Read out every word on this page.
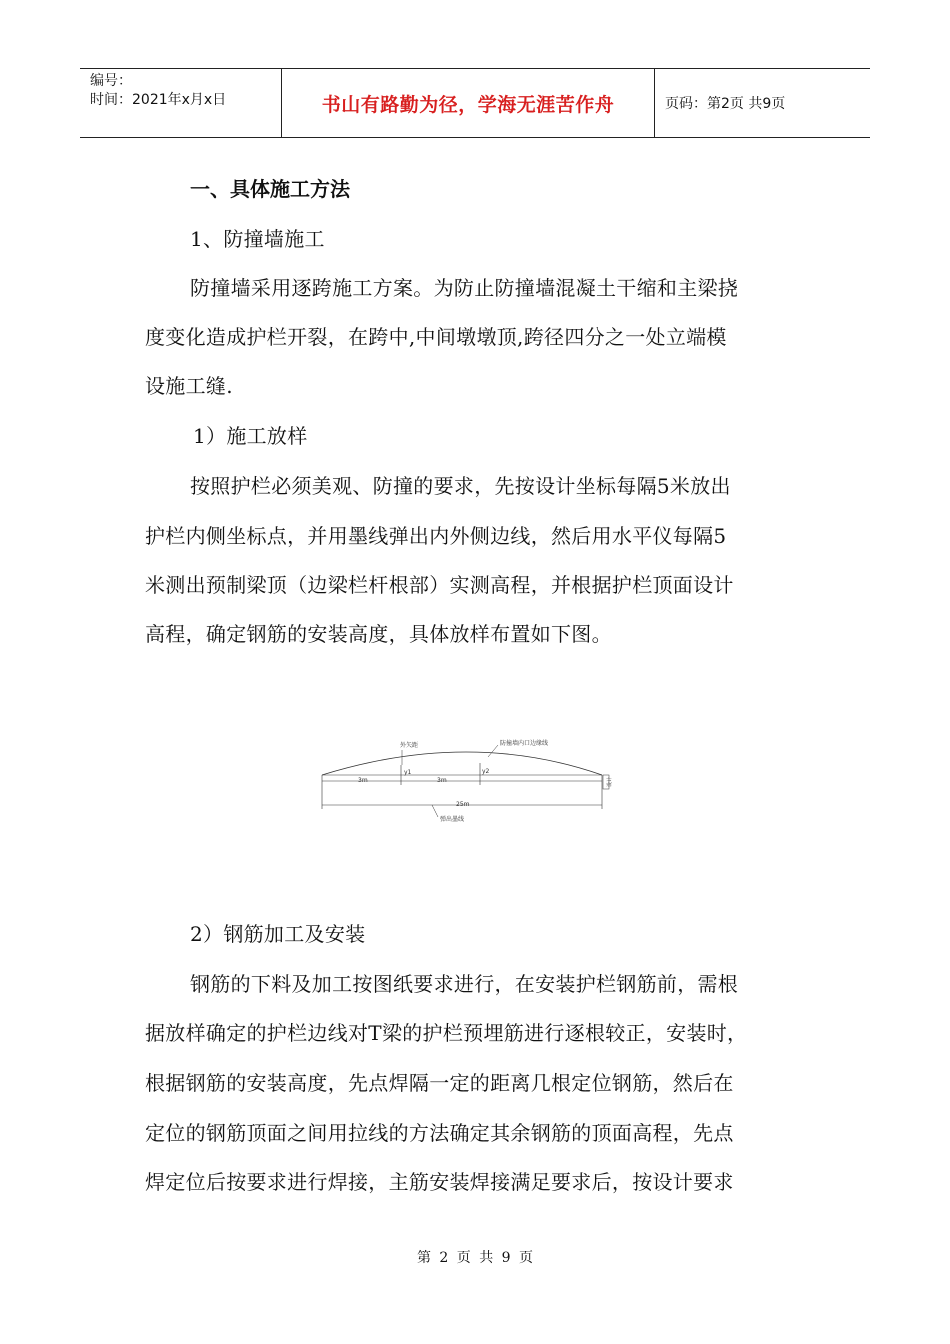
编号：
时间：2021年x月x日	书山有路勤为径，学海无涯苦作舟	页码：第2页 共9页
一、具体施工方法
1、防撞墙施工
防撞墙采用逐跨施工方案。为防止防撞墙混凝土干缩和主梁挠
度变化造成护栏开裂，在跨中,中间墩墩顶,跨径四分之一处立端模
设施工缝.
1）施工放样
按照护栏必须美观、防撞的要求，先按设计坐标每隔5米放出
护栏内侧坐标点，并用墨线弹出内外侧边线，然后用水平仪每隔5
米测出预制梁顶（边梁栏杆根部）实测高程，并根据护栏顶面设计
高程，确定钢筋的安装高度，具体放样布置如下图。
外矢距	防撞墙内口边缘线
y1	y2
3m	3m
25m
弹出墨线
设计
2）钢筋加工及安装
钢筋的下料及加工按图纸要求进行，在安装护栏钢筋前，需根
据放样确定的护栏边线对T梁的护栏预埋筋进行逐根较正，安装时，
根据钢筋的安装高度，先点焊隔一定的距离几根定位钢筋，然后在
定位的钢筋顶面之间用拉线的方法确定其余钢筋的顶面高程，先点
焊定位后按要求进行焊接，主筋安装焊接满足要求后，按设计要求
第 2 页 共 9 页
